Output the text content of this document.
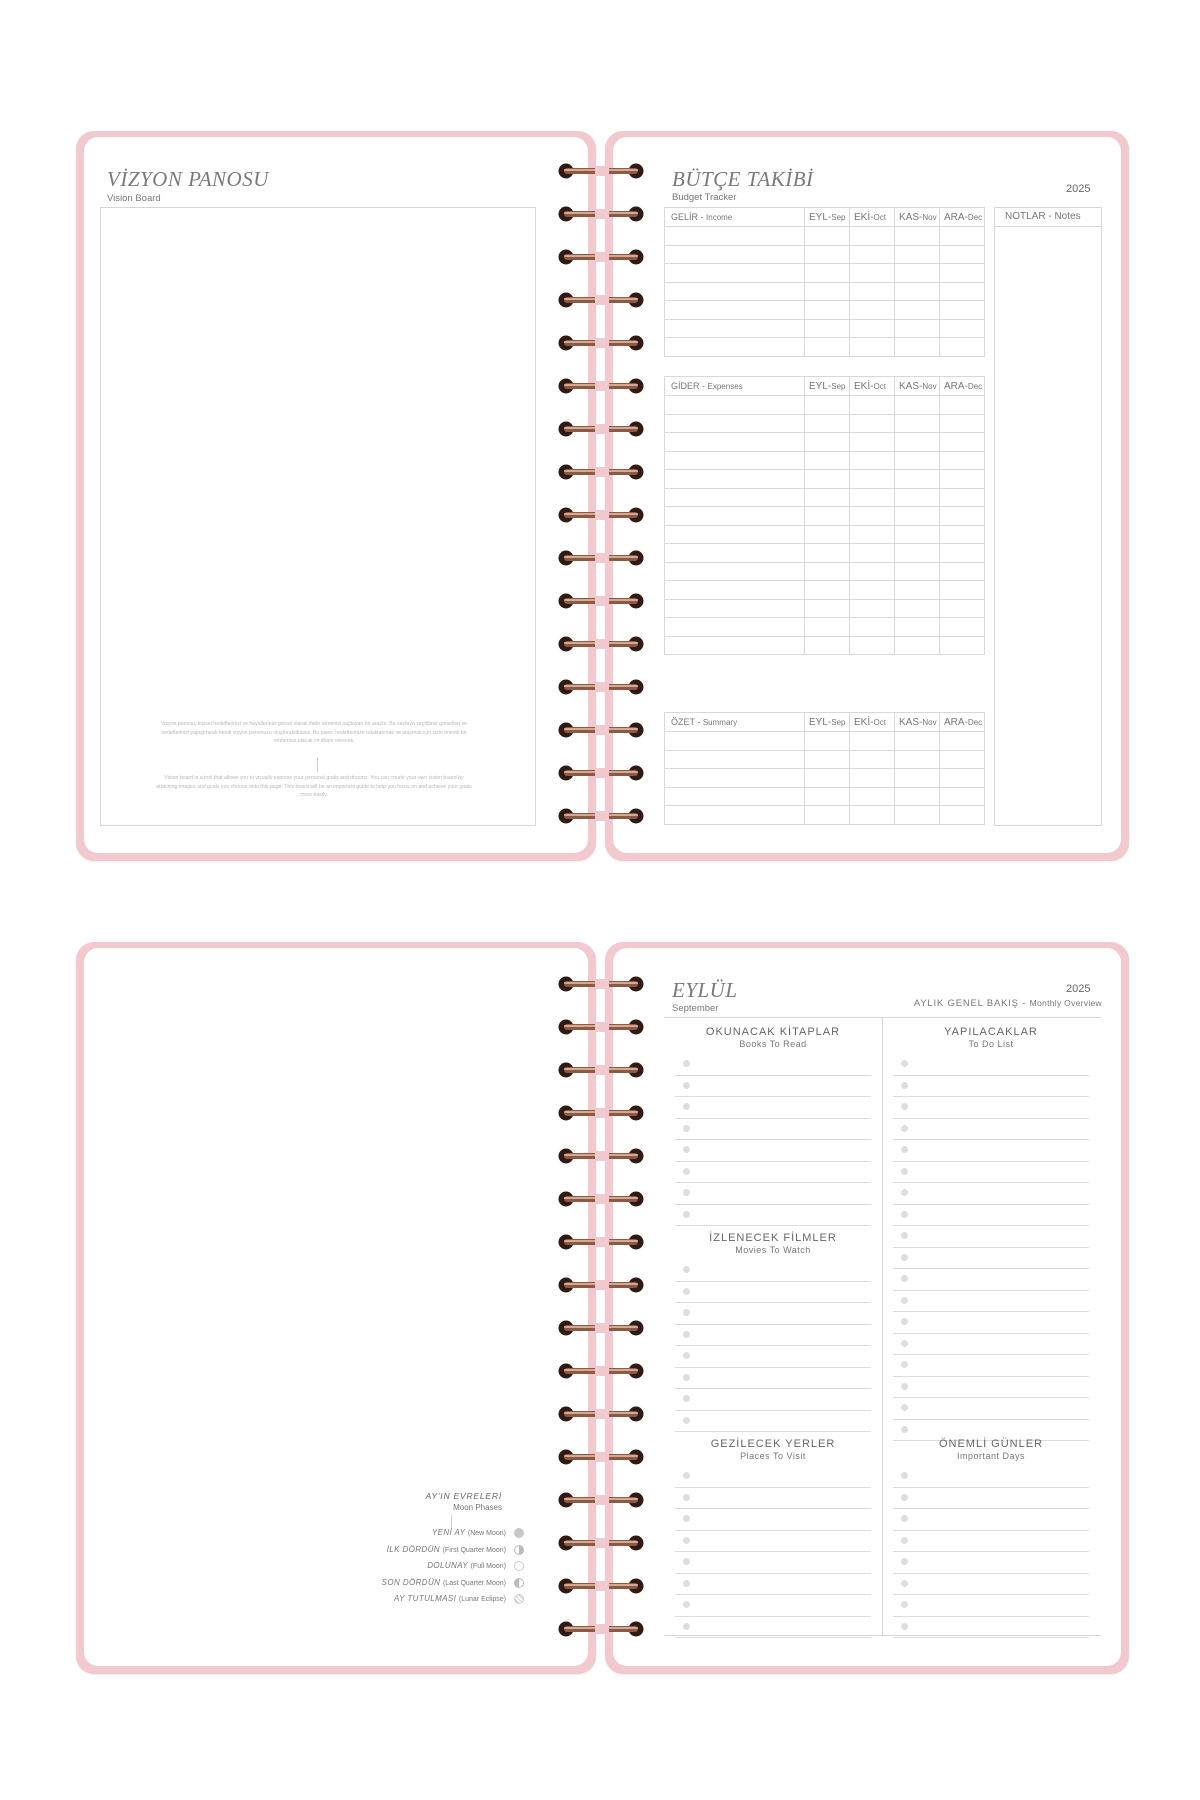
VİZYON PANOSU
Vision Board
Vizyon panosu, kişisel hedeflerinizi ve hayallerinizi görsel olarak ifade etmenizi sağlayan bir araçtır. Bu sayfaya seçtiğiniz görselleri ve hedeflerinizi yapıştırarak kendi vizyon panonuzu oluşturabilirsiniz. Bu pano, hedeflerinize odaklanmak ve ulaşmak için sizin önemli bir rehberiniz olacak ve ilham verecek.
Vision board is a tool that allows you to visually express your personal goals and dreams. You can create your own vision board by attaching images and goals you choose onto this page. This board will be an important guide to help you focus on and achieve your goals more easily.
BÜTÇE TAKİBİ
Budget Tracker
2025
GELİR - Income	EYL-Sep	EKİ-Oct	KAS-Nov	ARA-Dec

GİDER - Expenses	EYL-Sep	EKİ-Oct	KAS-Nov	ARA-Dec

ÖZET - Summary	EYL-Sep	EKİ-Oct	KAS-Nov	ARA-Dec

NOTLAR - Notes
AY'IN EVRELERİ
Moon Phases
YENİ AY (New Moon)
İLK DÖRDÜN (First Quarter Moon)
DOLUNAY (Full Moon)
SON DÖRDÜN (Last Quarter Moon)
AY TUTULMASI (Lunar Eclipse)
EYLÜL
September
2025
AYLIK GENEL BAKIŞ - Monthly Overview
OKUNACAK KİTAPLAR
Books To Read
İZLENECEK FİLMLER
Movies To Watch
GEZİLECEK YERLER
Places To Visit
YAPILACAKLAR
To Do List
ÖNEMLİ GÜNLER
Important Days
